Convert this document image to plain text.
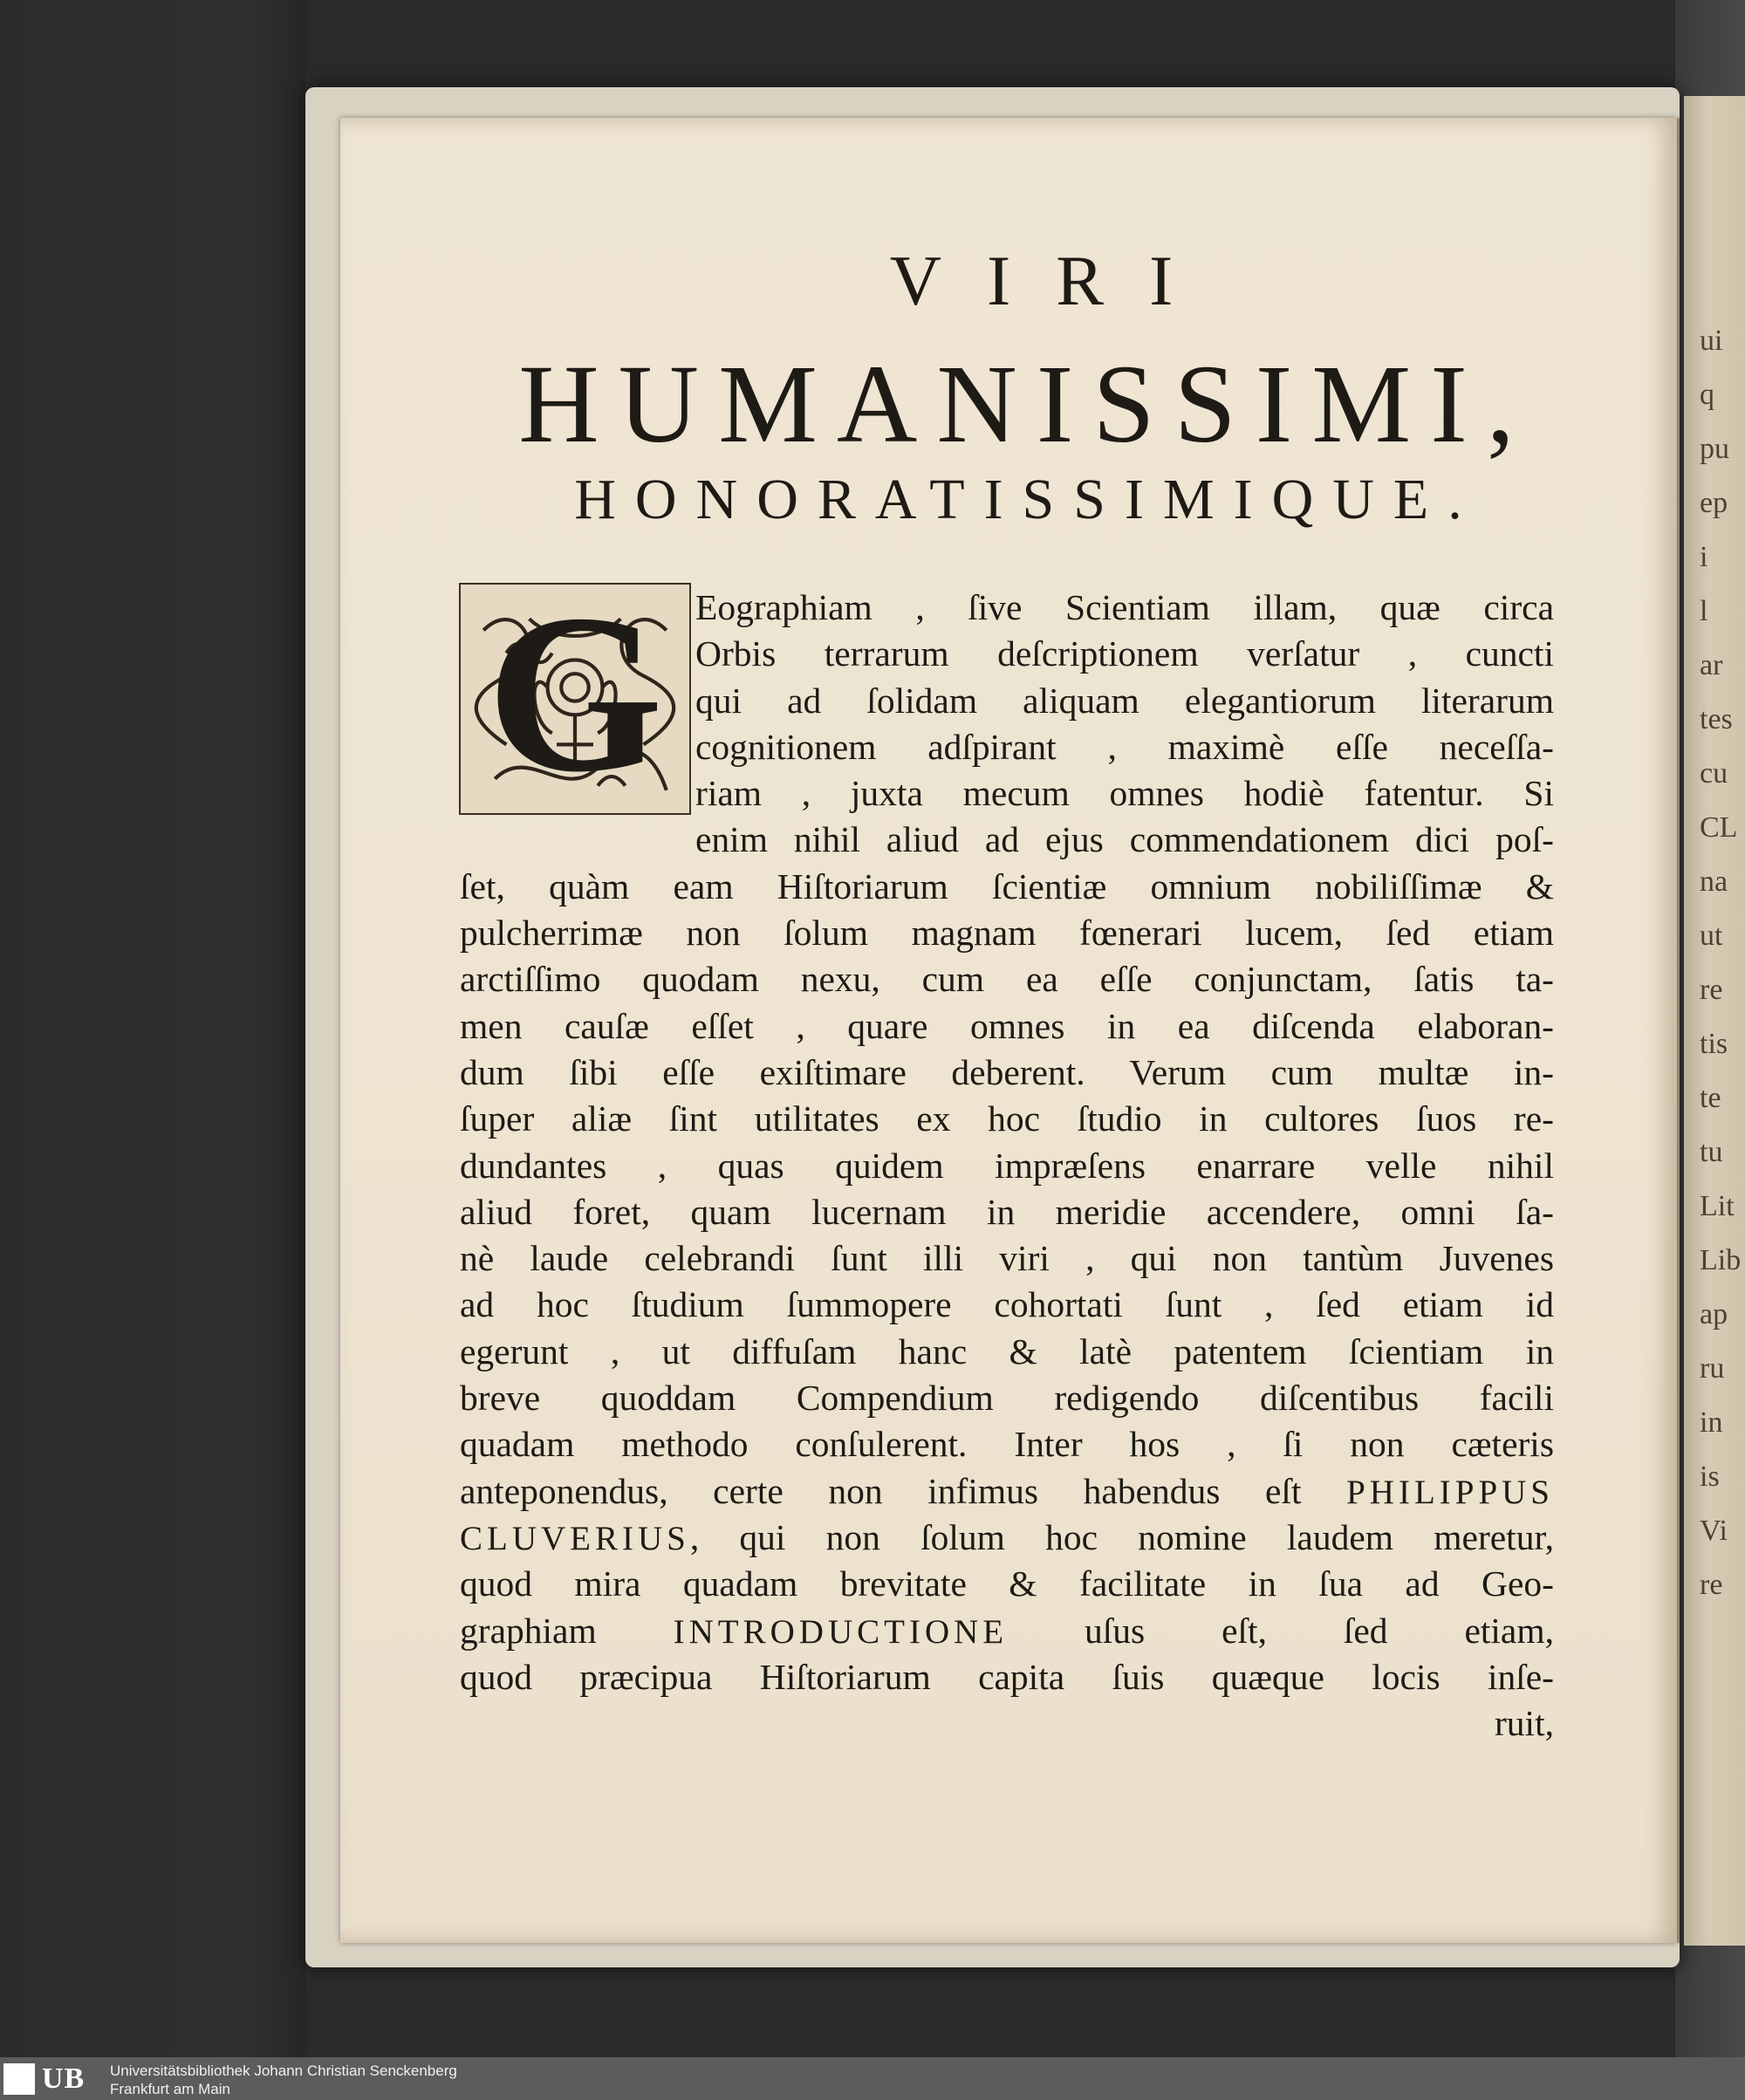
ui
q
pu
ep
i
l
ar
tes
cu
CL
na
ut
re
tis
te
tu
Lit
Lib
ap
ru
in
is
Vi
re
VIRI
HUMANISSIMI,
HONORATISSIMIQUE.
G Eographiam , ſive Scientiam illam, quæ circa
Orbis terrarum deſcriptionem verſatur , cuncti
qui ad ſolidam aliquam elegantiorum literarum
cognitionem adſpirant , maximè eſſe neceſſa-
riam , juxta mecum omnes hodiè fatentur. Si
enim nihil aliud ad ejus commendationem dici poſ-
ſet, quàm eam Hiſtoriarum ſcientiæ omnium nobiliſſimæ &
pulcherrimæ non ſolum magnam fœnerari lucem, ſed etiam
arctiſſimo quodam nexu, cum ea eſſe conjunctam, ſatis ta-
men cauſæ eſſet , quare omnes in ea diſcenda elaboran-
dum ſibi eſſe exiſtimare deberent. Verum cum multæ in-
ſuper aliæ ſint utilitates ex hoc ſtudio in cultores ſuos re-
dundantes , quas quidem impræſens enarrare velle nihil
aliud foret, quam lucernam in meridie accendere, omni ſa-
nè laude celebrandi ſunt illi viri , qui non tantùm Juvenes
ad hoc ſtudium ſummopere cohortati ſunt , ſed etiam id
egerunt , ut diffuſam hanc & latè patentem ſcientiam in
breve quoddam Compendium redigendo diſcentibus facili
quadam methodo conſulerent. Inter hos , ſi non cæteris
anteponendus, certe non infimus habendus eſt PHILIPPUS
CLUVERIUS, qui non ſolum hoc nomine laudem meretur,
quod mira quadam brevitate & facilitate in ſua ad Geo-
graphiam INTRODUCTIONE uſus eſt, ſed etiam,
quod præcipua Hiſtoriarum capita ſuis quæque locis inſe-
ruit,
UB Universitätsbibliothek Johann Christian Senckenberg
Frankfurt am Main
